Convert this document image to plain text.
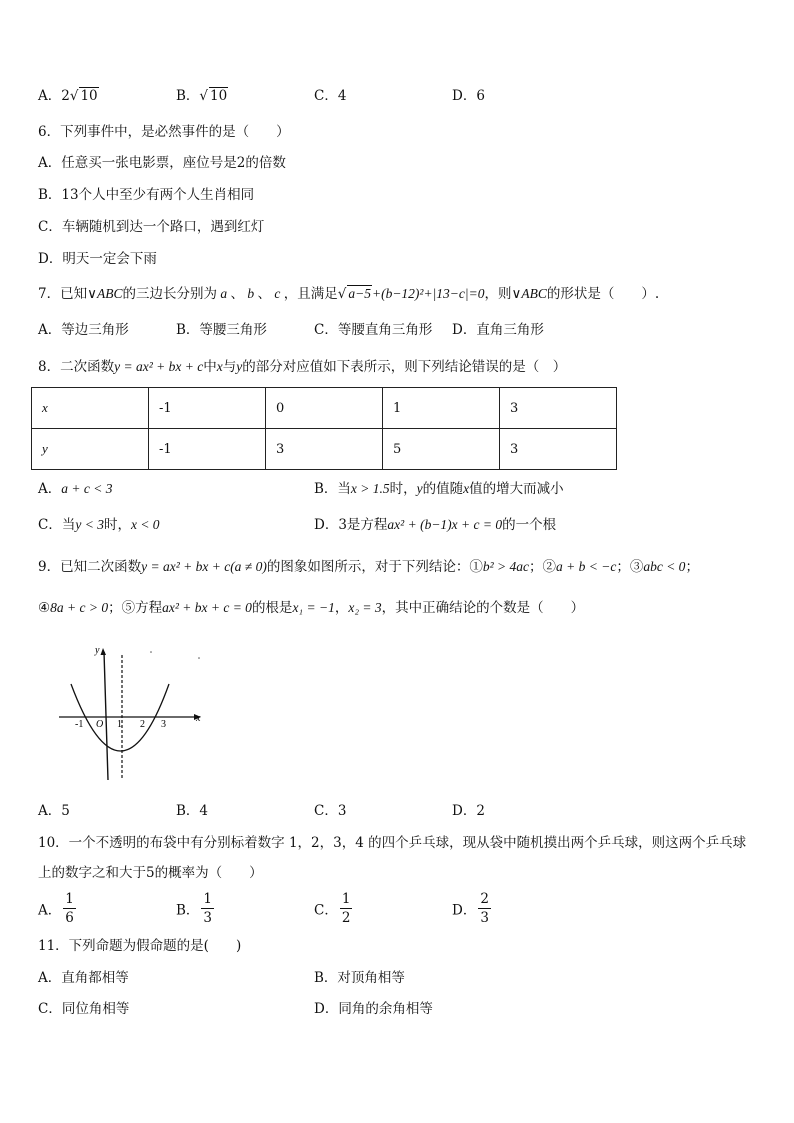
A．2√ 10	B．√ 10	C．4	D．6
6．下列事件中，是必然事件的是（　　）
A．任意买一张电影票，座位号是2的倍数
B．13个人中至少有两个人生肖相同
C．车辆随机到达一个路口，遇到红灯
D．明天一定会下雨
7．已知∨ABC的三边长分别为 a 、 b 、 c ，且满足√ a−5+(b−12)²+|13−c|=0，则∨ABC的形状是（　　）.
A．等边三角形	B．等腰三角形	C．等腰直角三角形 D．直角三角形
8．二次函数y = ax² + bx + c中x与y的部分对应值如下表所示，则下列结论错误的是（　）
x	-1	0	1	3
y	-1	3	5	3
A．a + c < 3	B．当x > 1.5时，y的值随x值的增大而减小
C．当y < 3时，x < 0	D．3是方程ax² + (b−1)x + c = 0的一个根
9．已知二次函数y = ax² + bx + c(a ≠ 0)的图象如图所示，对于下列结论：①b² > 4ac；②a + b < −c；③abc < 0；
④8a + c > 0；⑤方程ax² + bx + c = 0的根是x₁ = −1，x₂ = 3，其中正确结论的个数是（　　）
y
x
-1 O 1 2 3
A．5	B．4	C．3	D．2
10．一个不透明的布袋中有分别标着数字 1，2，3，4 的四个乒乓球，现从袋中随机摸出两个乒乓球，则这两个乒乓球
上的数字之和大于5的概率为（　　）
A． $\frac{1}{6}$	B． $\frac{1}{3}$	C． $\frac{1}{2}$	D． $\frac{2}{3}$
11．下列命题为假命题的是(　　)
A．直角都相等	B．对顶角相等
C．同位角相等	D．同角的余角相等
